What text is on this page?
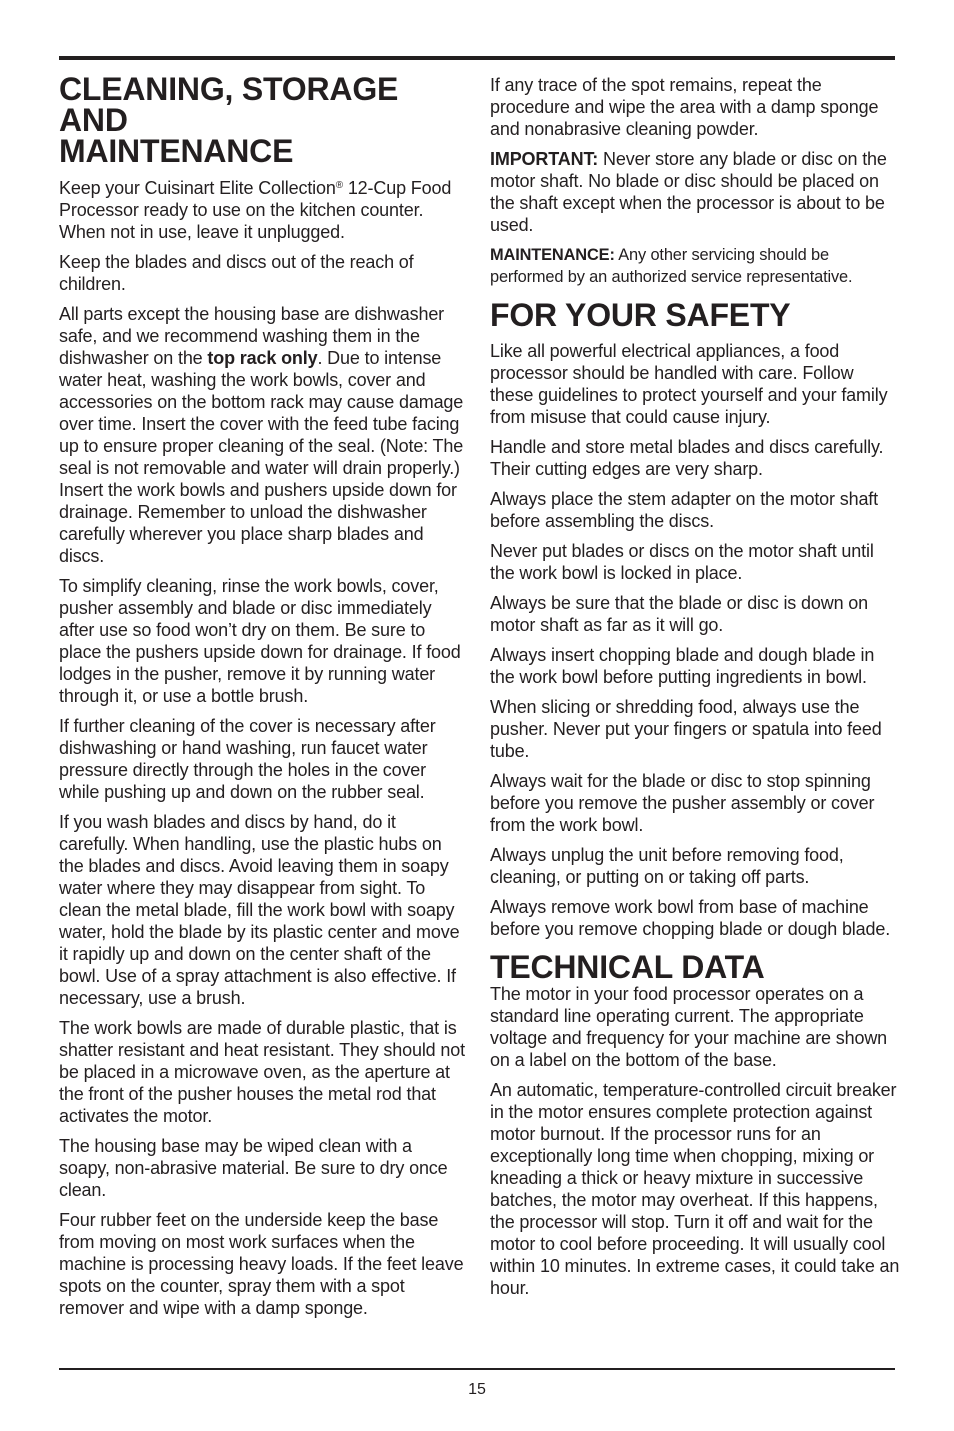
CLEANING, STORAGE AND
MAINTENANCE

Keep your Cuisinart Elite Collection® 12-Cup Food Processor ready to use on the kitchen counter. When not in use, leave it unplugged.

Keep the blades and discs out of the reach of children.

All parts except the housing base are dishwasher safe, and we recommend washing them in the dishwasher on the top rack only. Due to intense water heat, washing the work bowls, cover and accessories on the bottom rack may cause damage over time. Insert the cover with the feed tube facing up to ensure proper cleaning of the seal. (Note: The seal is not removable and water will drain properly.) Insert the work bowls and pushers upside down for drainage. Remember to unload the dishwasher carefully wherever you place sharp blades and discs.

To simplify cleaning, rinse the work bowls, cover, pusher assembly and blade or disc immediately after use so food won’t dry on them. Be sure to place the pushers upside down for drainage. If food lodges in the pusher, remove it by running water through it, or use a bottle brush.

If further cleaning of the cover is necessary after dishwashing or hand washing, run faucet water pressure directly through the holes in the cover while pushing up and down on the rubber seal.

If you wash blades and discs by hand, do it carefully. When handling, use the plastic hubs on the blades and discs. Avoid leaving them in soapy water where they may disappear from sight. To clean the metal blade, fill the work bowl with soapy water, hold the blade by its plastic center and move it rapidly up and down on the center shaft of the bowl. Use of a spray attachment is also effective. If necessary, use a brush.

The work bowls are made of durable plastic, that is shatter resistant and heat resistant. They should not be placed in a microwave oven, as the aperture at the front of the pusher houses the metal rod that activates the motor.

The housing base may be wiped clean with a soapy, non-abrasive material. Be sure to dry once clean.

Four rubber feet on the underside keep the base from moving on most work surfaces when the machine is processing heavy loads. If the feet leave spots on the counter, spray them with a spot remover and wipe with a damp sponge.

If any trace of the spot remains, repeat the procedure and wipe the area with a damp sponge and nonabrasive cleaning powder.

IMPORTANT: Never store any blade or disc on the motor shaft. No blade or disc should be placed on the shaft except when the processor is about to be used.

MAINTENANCE: Any other servicing should be performed by an authorized service representative.

FOR YOUR SAFETY

Like all powerful electrical appliances, a food processor should be handled with care. Follow these guidelines to protect yourself and your family from misuse that could cause injury.

Handle and store metal blades and discs carefully. Their cutting edges are very sharp.

Always place the stem adapter on the motor shaft before assembling the discs.

Never put blades or discs on the motor shaft until the work bowl is locked in place.

Always be sure that the blade or disc is down on motor shaft as far as it will go.

Always insert chopping blade and dough blade in the work bowl before putting ingredients in bowl.

When slicing or shredding food, always use the pusher. Never put your fingers or spatula into feed tube.

Always wait for the blade or disc to stop spinning before you remove the pusher assembly or cover from the work bowl.

Always unplug the unit before removing food, cleaning, or putting on or taking off parts.

Always remove work bowl from base of machine before you remove chopping blade or dough blade.

TECHNICAL DATA

The motor in your food processor operates on a standard line operating current. The appropriate voltage and frequency for your machine are shown on a label on the bottom of the base.

An automatic, temperature-controlled circuit breaker in the motor ensures complete protection against motor burnout. If the processor runs for an exceptionally long time when chopping, mixing or kneading a thick or heavy mixture in successive batches, the motor may overheat. If this happens, the processor will stop. Turn it off and wait for the motor to cool before proceeding. It will usually cool within 10 minutes. In extreme cases, it could take an hour.

15
